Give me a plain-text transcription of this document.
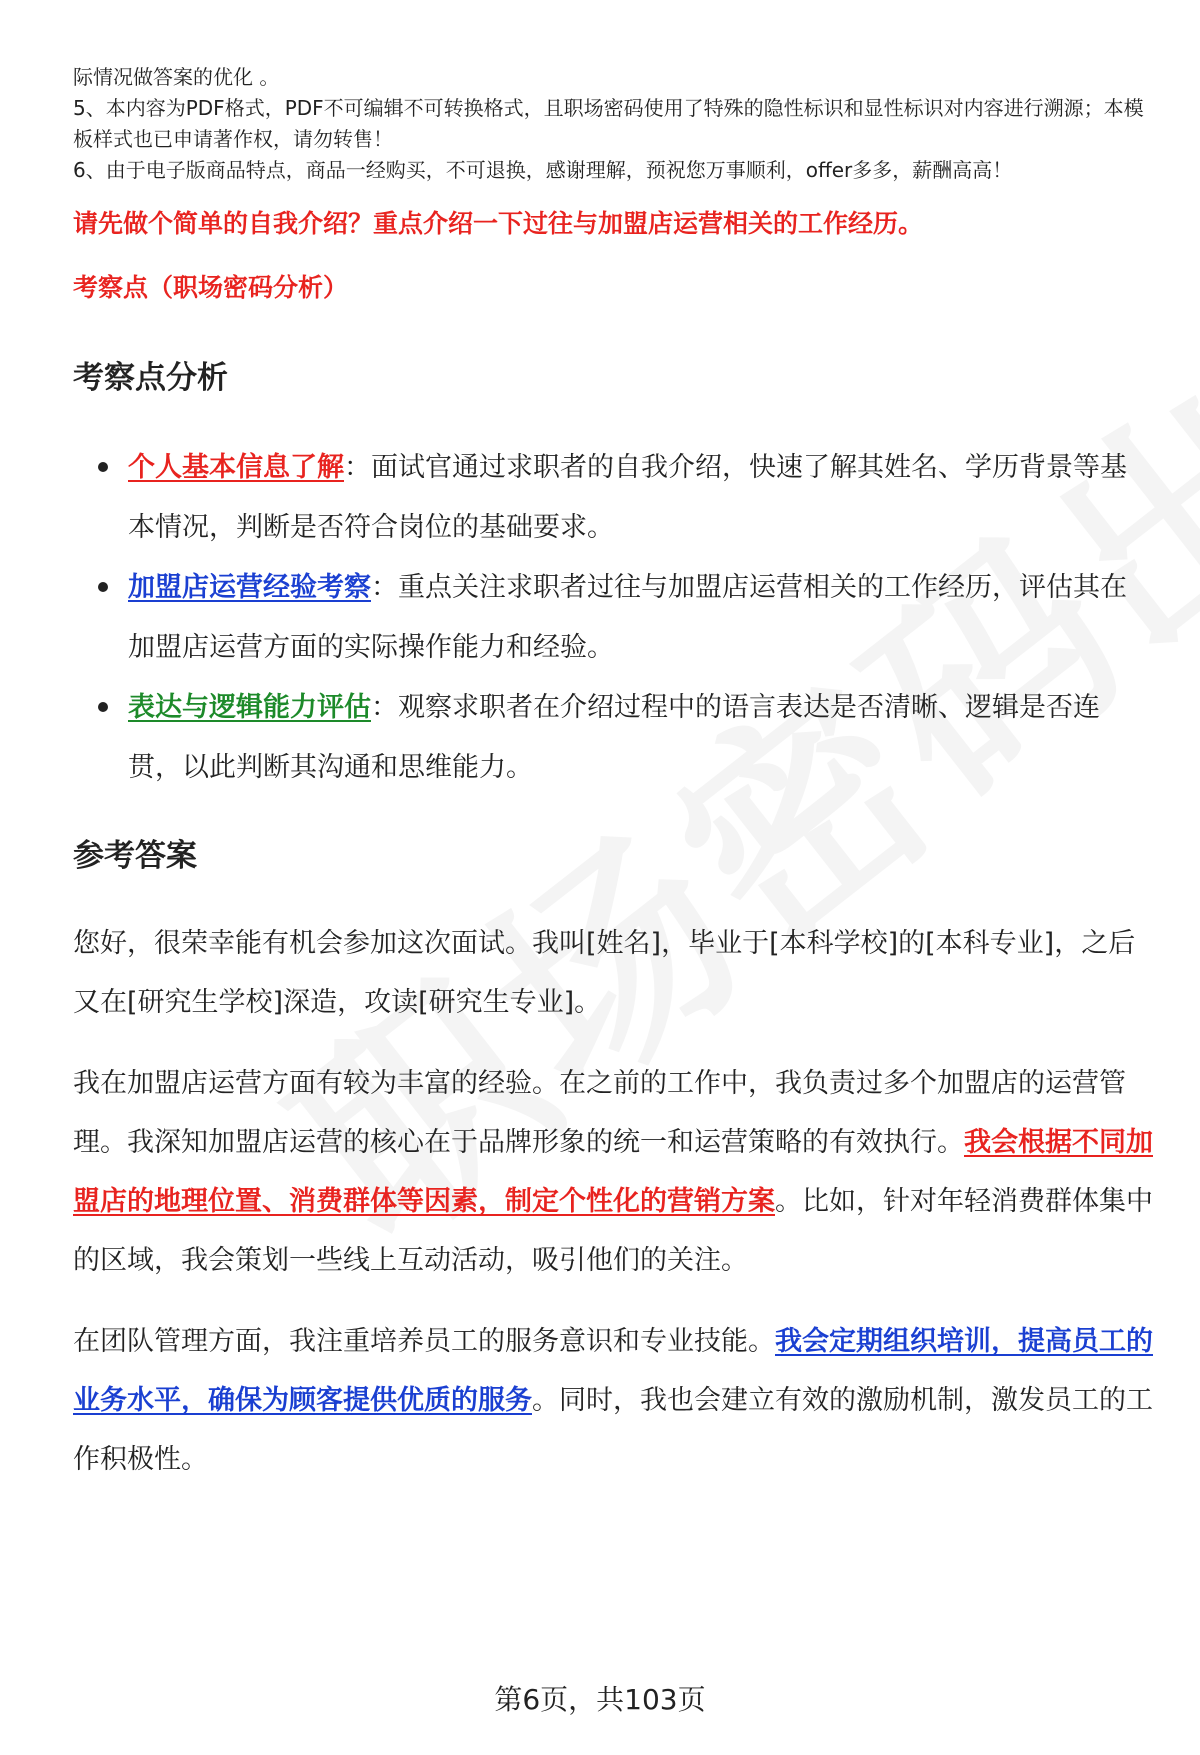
际情况做答案的优化 。

5、本内容为PDF格式，PDF不可编辑不可转换格式，且职场密码使用了特殊的隐性标识和显性标识对内容进行溯源；本模板样式也已申请著作权，请勿转售！

6、由于电子版商品特点，商品一经购买，不可退换，感谢理解，预祝您万事顺利，offer多多，薪酬高高！

请先做个简单的自我介绍？重点介绍一下过往与加盟店运营相关的工作经历。
考察点（职场密码分析）
考察点分析
个人基本信息了解：面试官通过求职者的自我介绍，快速了解其姓名、学历背景等基本情况，判断是否符合岗位的基础要求。
加盟店运营经验考察：重点关注求职者过往与加盟店运营相关的工作经历，评估其在加盟店运营方面的实际操作能力和经验。
表达与逻辑能力评估：观察求职者在介绍过程中的语言表达是否清晰、逻辑是否连贯，以此判断其沟通和思维能力。
参考答案

您好，很荣幸能有机会参加这次面试。我叫[姓名]，毕业于[本科学校]的[本科专业]，之后又在[研究生学校]深造，攻读[研究生专业]。

我在加盟店运营方面有较为丰富的经验。在之前的工作中，我负责过多个加盟店的运营管理。我深知加盟店运营的核心在于品牌形象的统一和运营策略的有效执行。我会根据不同加盟店的地理位置、消费群体等因素，制定个性化的营销方案。比如，针对年轻消费群体集中的区域，我会策划一些线上互动活动，吸引他们的关注。

在团队管理方面，我注重培养员工的服务意识和专业技能。我会定期组织培训，提高员工的业务水平，确保为顾客提供优质的服务。同时，我也会建立有效的激励机制，激发员工的工作积极性。

第6页，共103页
